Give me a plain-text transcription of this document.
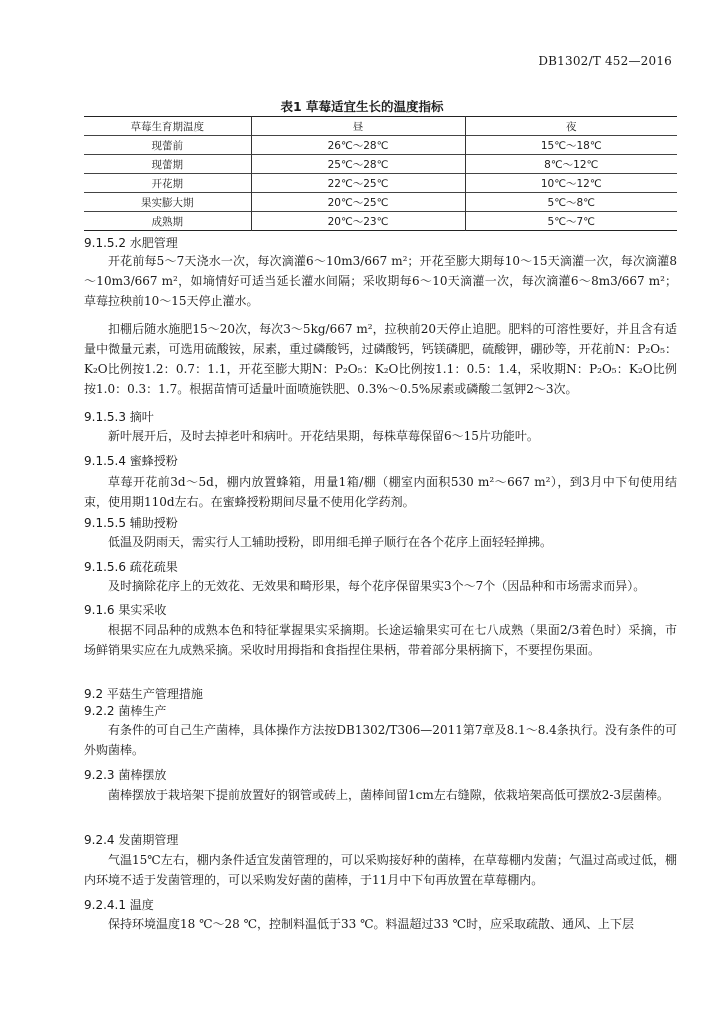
DB1302/T 452—2016
表1 草莓适宜生长的温度指标
草莓生育期温度	昼	夜
现蕾前	26℃～28℃	15℃～18℃
现蕾期	25℃～28℃	8℃～12℃
开花期	22℃～25℃	10℃～12℃
果实膨大期	20℃～25℃	5℃～8℃
成熟期	20℃～23℃	5℃～7℃
9.1.5.2 水肥管理
开花前每5～7天浇水一次，每次滴灌6～10m3/667 m²；开花至膨大期每10～15天滴灌一次，每次滴灌8～10m3/667 m²，如墒情好可适当延长灌水间隔；采收期每6～10天滴灌一次，每次滴灌6～8m3/667 m²；草莓拉秧前10～15天停止灌水。
扣棚后随水施肥15～20次，每次3～5kg/667 m²，拉秧前20天停止追肥。肥料的可溶性要好，并且含有适量中微量元素，可选用硫酸铵，尿素，重过磷酸钙，过磷酸钙，钙镁磷肥，硫酸钾，硼砂等，开花前N：P₂O₅：K₂O比例按1.2：0.7：1.1，开花至膨大期N：P₂O₅：K₂O比例按1.1：0.5：1.4，采收期N：P₂O₅：K₂O比例按1.0：0.3：1.7。根据苗情可适量叶面喷施铁肥、0.3%～0.5%尿素或磷酸二氢钾2～3次。
9.1.5.3 摘叶
新叶展开后，及时去掉老叶和病叶。开花结果期，每株草莓保留6～15片功能叶。
9.1.5.4 蜜蜂授粉
草莓开花前3d～5d，棚内放置蜂箱，用量1箱/棚（棚室内面积530 m²～667 m²），到3月中下旬使用结束，使用期110d左右。在蜜蜂授粉期间尽量不使用化学药剂。
9.1.5.5 辅助授粉
低温及阴雨天，需实行人工辅助授粉，即用细毛掸子顺行在各个花序上面轻轻掸拂。
9.1.5.6 疏花疏果
及时摘除花序上的无效花、无效果和畸形果，每个花序保留果实3个～7个（因品种和市场需求而异）。
9.1.6 果实采收
根据不同品种的成熟本色和特征掌握果实采摘期。长途运输果实可在七八成熟（果面2/3着色时）采摘，市场鲜销果实应在九成熟采摘。采收时用拇指和食指捏住果柄，带着部分果柄摘下，不要捏伤果面。
9.2 平菇生产管理措施
9.2.2 菌棒生产
有条件的可自己生产菌棒，具体操作方法按DB1302/T306—2011第7章及8.1～8.4条执行。没有条件的可外购菌棒。
9.2.3 菌棒摆放
菌棒摆放于栽培架下提前放置好的钢管或砖上，菌棒间留1cm左右缝隙，依栽培架高低可摆放2-3层菌棒。
9.2.4 发菌期管理
气温15℃左右，棚内条件适宜发菌管理的，可以采购接好种的菌棒，在草莓棚内发菌；气温过高或过低，棚内环境不适于发菌管理的，可以采购发好菌的菌棒，于11月中下旬再放置在草莓棚内。
9.2.4.1 温度
保持环境温度18 ℃～28 ℃，控制料温低于33 ℃。料温超过33 ℃时，应采取疏散、通风、上下层
